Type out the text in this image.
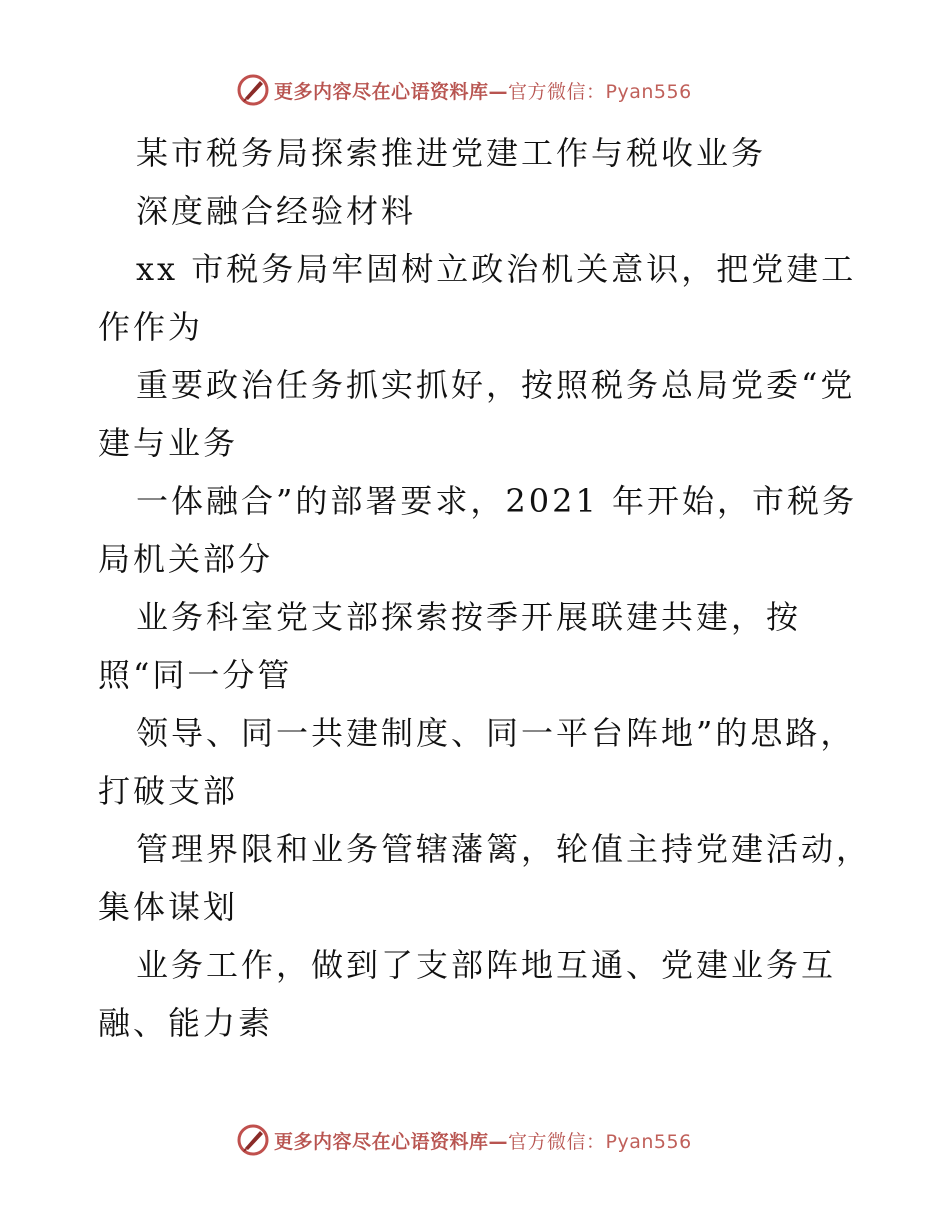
更多内容尽在心语资料库—官方微信：Pyan556
某市税务局探索推进党建工作与税收业务
深度融合经验材料
xx 市税务局牢固树立政治机关意识，把党建工
作作为
重要政治任务抓实抓好，按照税务总局党委“党
建与业务
一体融合”的部署要求，2021 年开始，市税务
局机关部分
业务科室党支部探索按季开展联建共建，按
照“同一分管
领导、同一共建制度、同一平台阵地”的思路，
打破支部
管理界限和业务管辖藩篱，轮值主持党建活动，
集体谋划
业务工作，做到了支部阵地互通、党建业务互
融、能力素
更多内容尽在心语资料库—官方微信：Pyan556
